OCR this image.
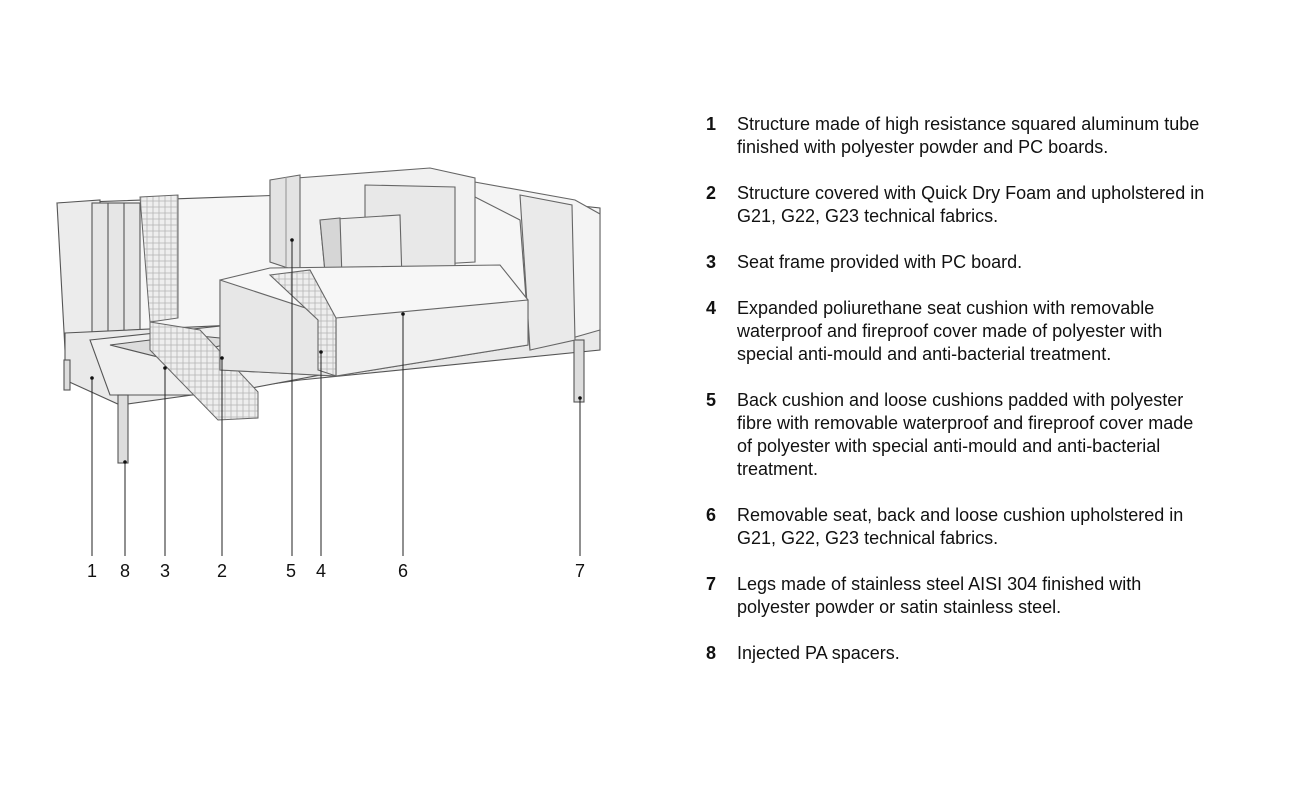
1 8 3	2	5 4	6	7
1	Structure made of high resistance squared aluminum tube finished with polyester powder and PC boards.
2	Structure covered with Quick Dry Foam and upholstered in G21, G22, G23 technical fabrics.
3	Seat frame provided with PC board.
4	Expanded poliurethane seat cushion with removable waterproof and fireproof cover made of polyester with special anti-mould and anti-bacterial treatment.
5	Back cushion and loose cushions padded with polyester fibre with removable waterproof and fireproof cover made of polyester with special anti-mould and anti-bacterial treatment.
6	Removable seat, back and loose cushion upholstered in G21, G22, G23 technical fabrics.
7	Legs made of stainless steel AISI 304 finished with polyester powder or satin stainless steel.
8	Injected PA spacers.
